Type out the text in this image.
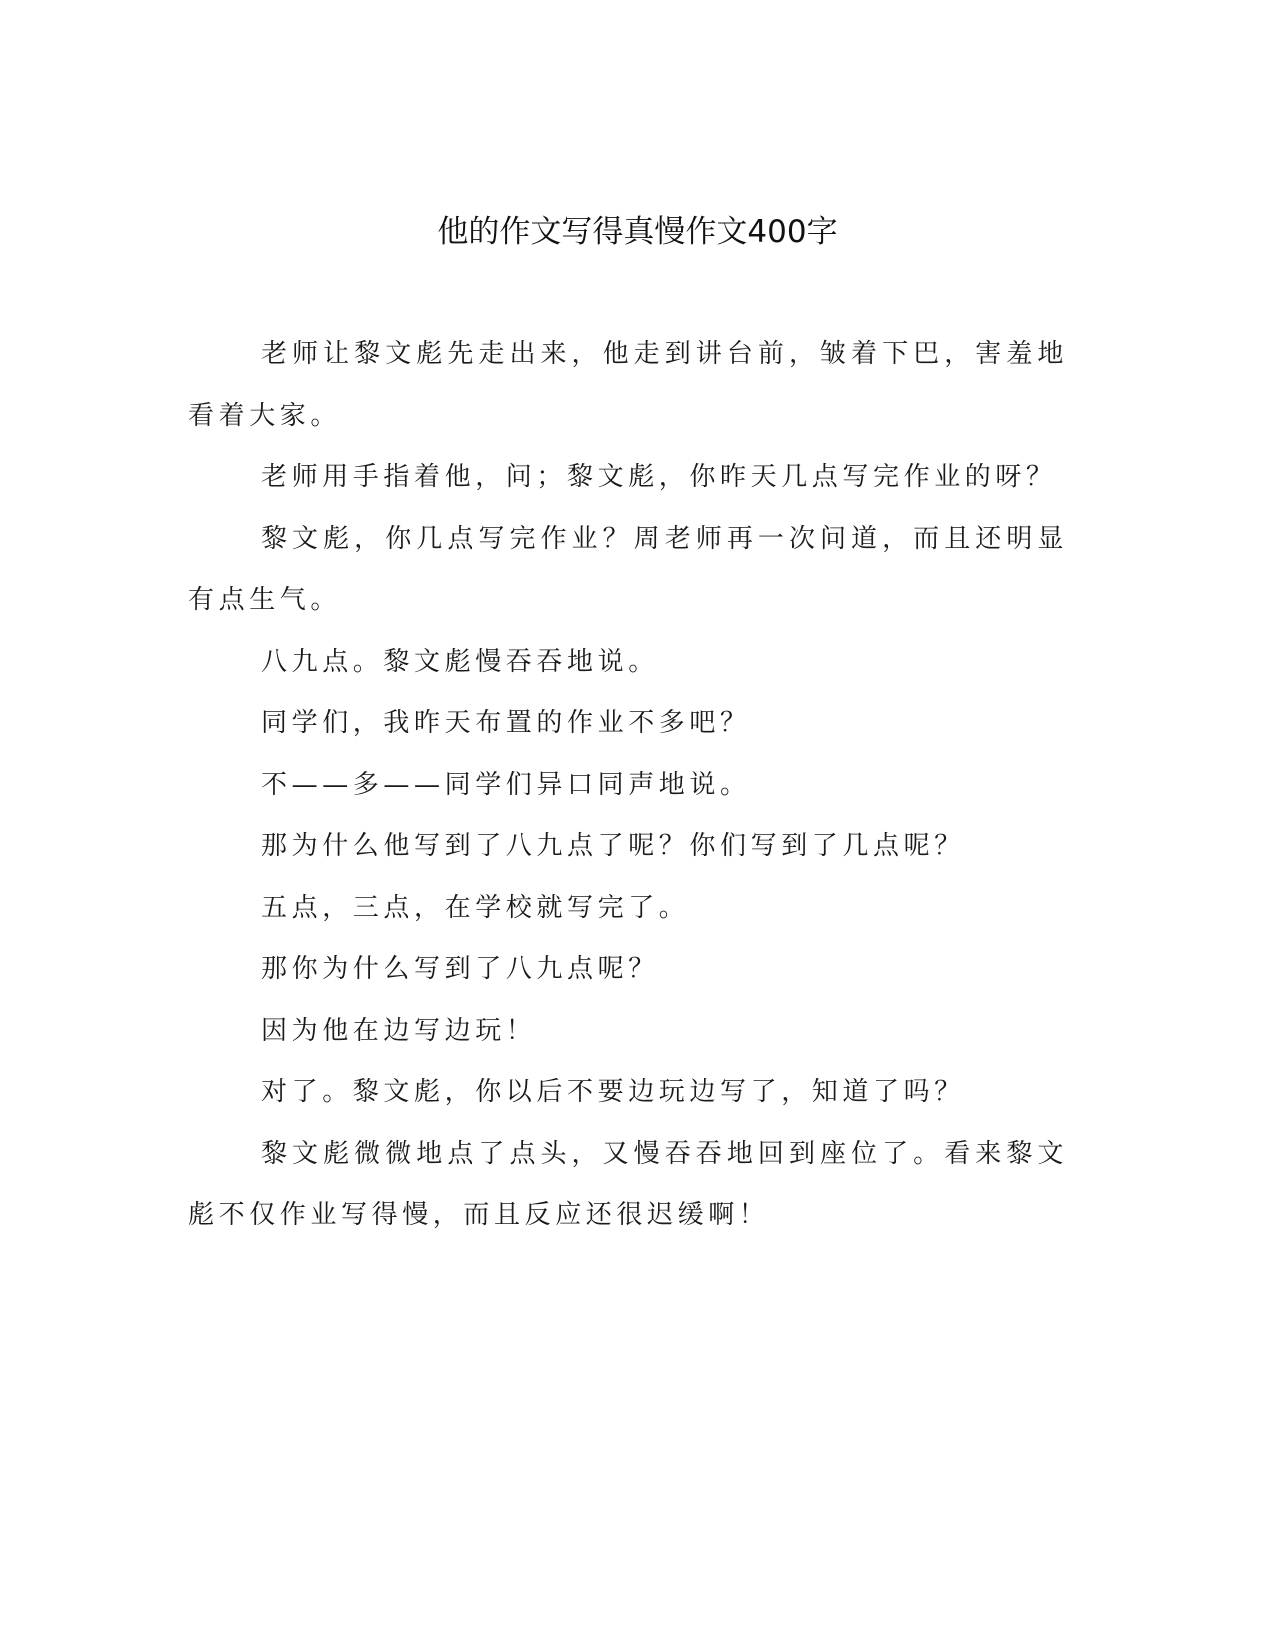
他的作文写得真慢作文400字

老师让黎文彪先走出来，他走到讲台前，皱着下巴，害羞地看着大家。

老师用手指着他，问；黎文彪，你昨天几点写完作业的呀？

黎文彪，你几点写完作业？周老师再一次问道，而且还明显有点生气。

八九点。黎文彪慢吞吞地说。

同学们，我昨天布置的作业不多吧？

不——多——同学们异口同声地说。

那为什么他写到了八九点了呢？你们写到了几点呢？

五点，三点，在学校就写完了。

那你为什么写到了八九点呢？

因为他在边写边玩！

对了。黎文彪，你以后不要边玩边写了，知道了吗？

黎文彪微微地点了点头，又慢吞吞地回到座位了。看来黎文彪不仅作业写得慢，而且反应还很迟缓啊！
